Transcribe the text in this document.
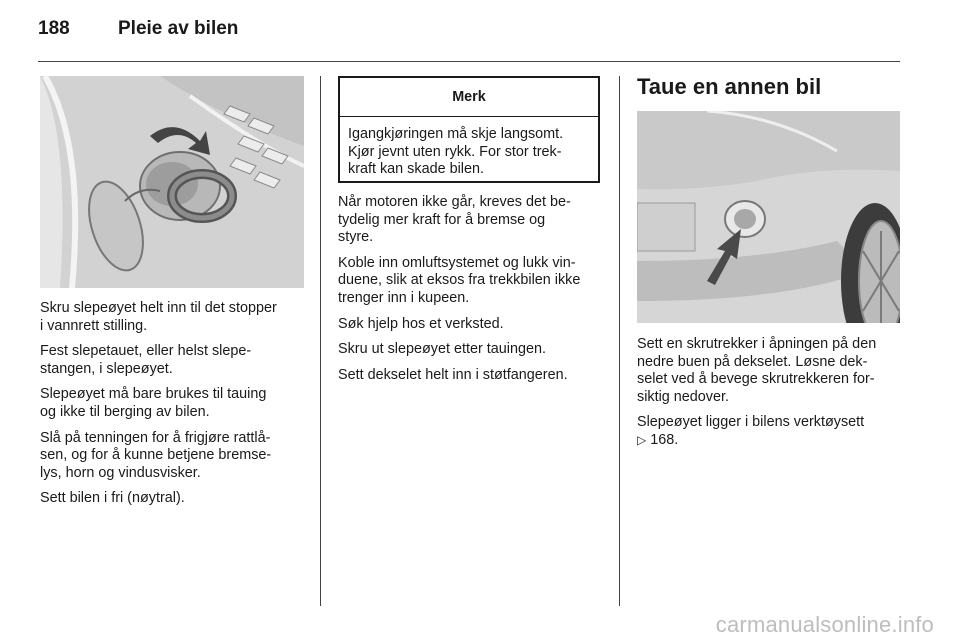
188	Pleie av bilen

Skru slepeøyet helt inn til det stopper
i vannrett stilling.

Fest slepetauet, eller helst slepe-
stangen, i slepeøyet.

Slepeøyet må bare brukes til tauing
og ikke til berging av bilen.

Slå på tenningen for å frigjøre rattlå-
sen, og for å kunne betjene bremse-
lys, horn og vindusvisker.

Sett bilen i fri (nøytral).

Merk
Igangkjøringen må skje langsomt.
Kjør jevnt uten rykk. For stor trek-
kraft kan skade bilen.

Når motoren ikke går, kreves det be-
tydelig mer kraft for å bremse og
styre.

Koble inn omluftsystemet og lukk vin-
duene, slik at eksos fra trekkbilen ikke
trenger inn i kupeen.

Søk hjelp hos et verksted.

Skru ut slepeøyet etter tauingen.

Sett dekselet helt inn i støtfangeren.

Taue en annen bil

Sett en skrutrekker i åpningen på den
nedre buen på dekselet. Løsne dek-
selet ved å bevege skrutrekkeren for-
siktig nedover.

Slepeøyet ligger i bilens verktøysett
▷ 168.

carmanualsonline.info
